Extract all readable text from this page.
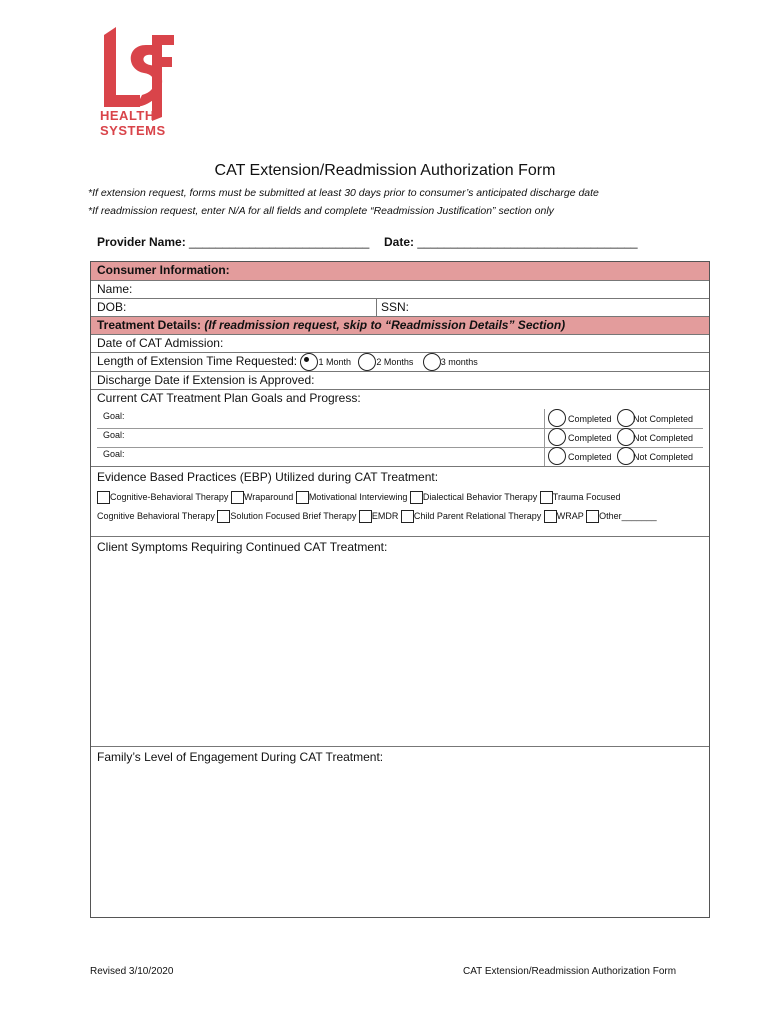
HEALTH
SYSTEMS
CAT Extension/Readmission Authorization Form
*If extension request, forms must be submitted at least 30 days prior to consumer’s anticipated discharge date
*If readmission request, enter N/A for all fields and complete “Readmission Justification” section only
Provider Name: ___________________________ Date: _________________________________
Consumer Information:
Name:
DOB:	SSN:
Treatment Details: (If readmission request, skip to “Readmission Details” Section)
Date of CAT Admission:
Length of Extension Time Requested: 1 Month	2 Months	3 months
Discharge Date if Extension is Approved:
Current CAT Treatment Plan Goals and Progress:
Goal:	Completed Not Completed
Goal:	Completed Not Completed
Goal:	Completed Not Completed
Evidence Based Practices (EBP) Utilized during CAT Treatment:
Cognitive-Behavioral Therapy Wraparound Motivational Interviewing Dialectical Behavior Therapy Trauma Focused
Cognitive Behavioral Therapy Solution Focused Brief Therapy EMDR Child Parent Relational Therapy WRAP Other_______
Client Symptoms Requiring Continued CAT Treatment:
Family’s Level of Engagement During CAT Treatment:
Revised 3/10/2020	CAT Extension/Readmission Authorization Form
